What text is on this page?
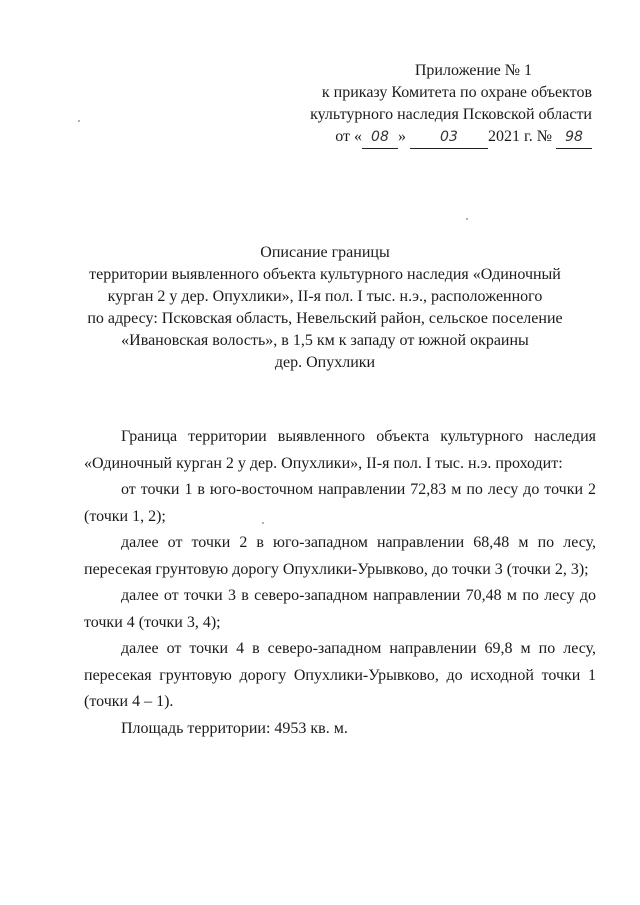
Приложение № 1
к приказу Комитета по охране объектов
культурного наследия Псковской области
от « 08 » 03 2021 г. № 98
Описание границы
территории выявленного объекта культурного наследия «Одиночный
курган 2 у дер. Опухлики», II-я пол. I тыс. н.э., расположенного
по адресу: Псковская область, Невельский район, сельское поселение
«Ивановская волость», в 1,5 км к западу от южной окраины
дер. Опухлики

Граница территории выявленного объекта культурного наследия «Одиночный курган 2 у дер. Опухлики», II-я пол. I тыс. н.э. проходит:

от точки 1 в юго-восточном направлении 72,83 м по лесу до точки 2 (точки 1, 2);

далее от точки 2 в юго-западном направлении 68,48 м по лесу, пересекая грунтовую дорогу Опухлики-Урывково, до точки 3 (точки 2, 3);

далее от точки 3 в северо-западном направлении 70,48 м по лесу до точки 4 (точки 3, 4);

далее от точки 4 в северо-западном направлении 69,8 м по лесу, пересекая грунтовую дорогу Опухлики-Урывково, до исходной точки 1 (точки 4 – 1).

Площадь территории: 4953 кв. м.
